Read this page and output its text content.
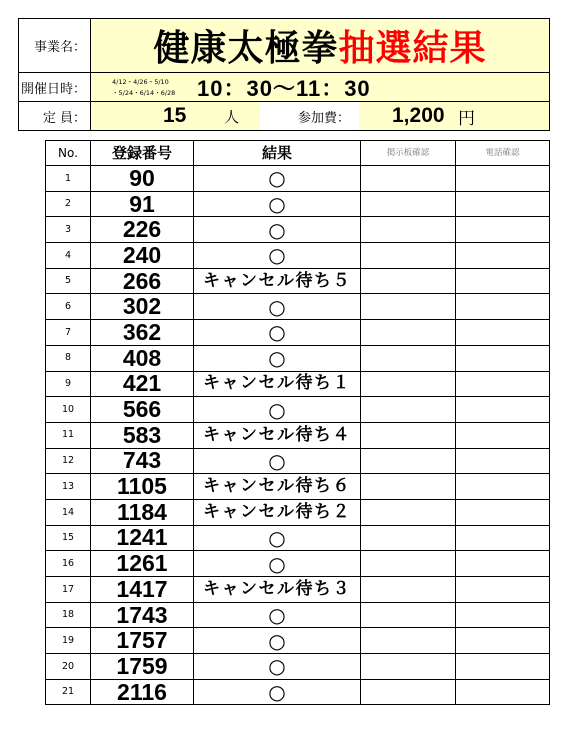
事業名： 健康太極拳 抽選結果
開催日時：	4/12・4/26・5/10
・5/24・6/14・6/28 10：30～11：30
定 員：	15	人	参加費： 1,200 円
No.	登録番号	結果	掲示板確認	電話確認
1	90	○		
2	91	○		
3	226	○		
4	240	○		
5	266	キャンセル待ち５		
6	302	○		
7	362	○		
8	408	○		
9	421	キャンセル待ち１		
10	566	○		
11	583	キャンセル待ち４		
12	743	○		
13	1105	キャンセル待ち６		
14	1184	キャンセル待ち２		
15	1241	○		
16	1261	○		
17	1417	キャンセル待ち３		
18	1743	○		
19	1757	○		
20	1759	○		
21	2116	○		
